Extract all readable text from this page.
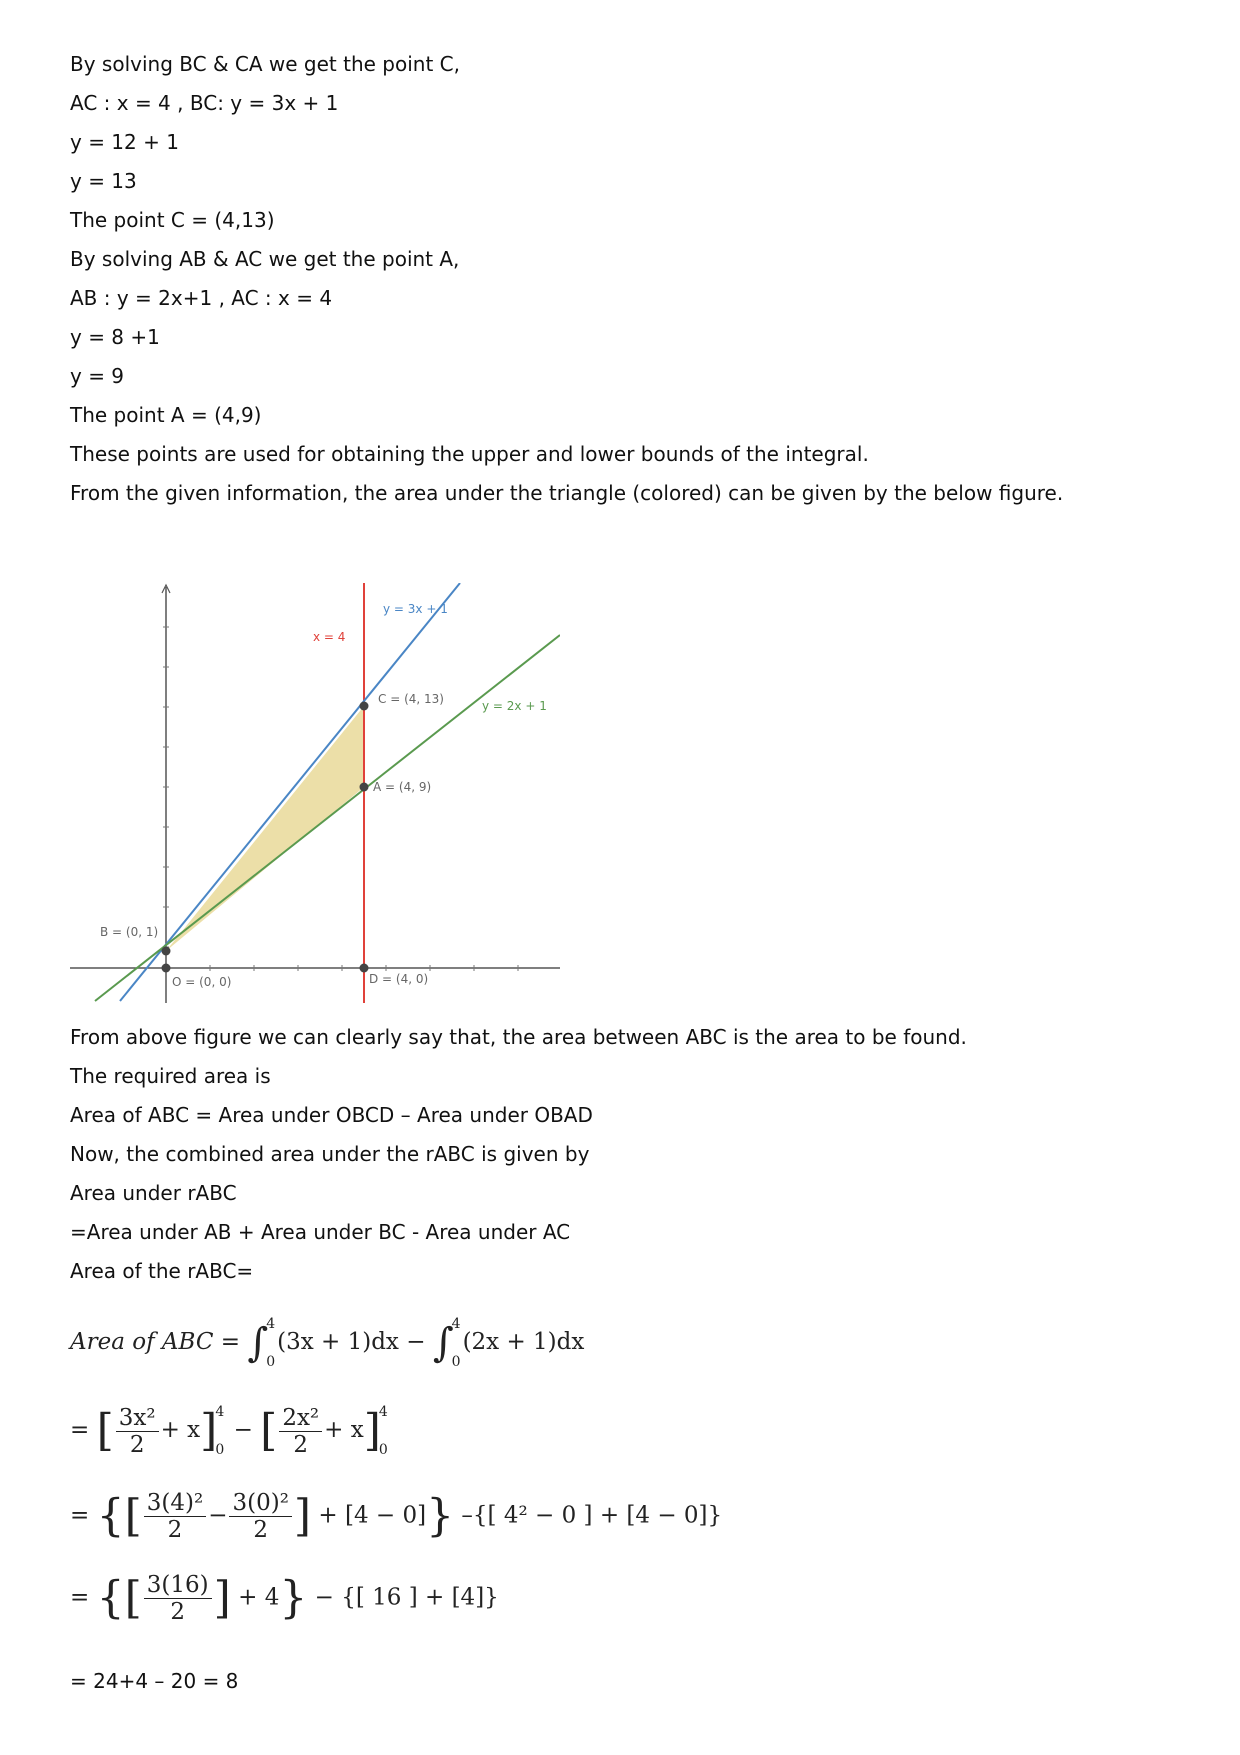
By solving BC & CA we get the point C,
AC : x = 4 , BC: y = 3x + 1
y = 12 + 1
y = 13
The point C = (4,13)
By solving AB & AC we get the point A,
AB : y = 2x+1 , AC : x = 4
y = 8 +1
y = 9
The point A = (4,9)
These points are used for obtaining the upper and lower bounds of the integral.
From the given information, the area under the triangle (colored) can be given by the below figure.
y = 3x + 1
x = 4
y = 2x + 1
C = (4, 13)
A = (4, 9)
B = (0, 1)
O = (0, 0)	D = (4, 0)
From above figure we can clearly say that, the area between ABC is the area to be found.
The required area is
Area of ABC = Area under OBCD – Area under OBAD
Now, the combined area under the rABC is given by
Area under rABC
=Area under AB + Area under BC - Area under AC
Area of the rABC=
Area of ABC = ∫
4
0
(3x + 1)dx − ∫
4
0
(2x + 1)dx
= [ $\frac{\text{3x²}}{2} + x$]
4
0
− [ $\frac{\text{2x²}}{2} + x$]
4
0
= {[ $\frac{\text{3(4)²}}{2} - \frac{\text{3(0)²}}{2}$ ] + [4 − 0]} –{[ 4² − 0 ] + [4 − 0]}
= {[ $\frac{3(16)}{2}$ ] + 4} − {[ 16 ] + [4]}
= 24+4 – 20 = 8
